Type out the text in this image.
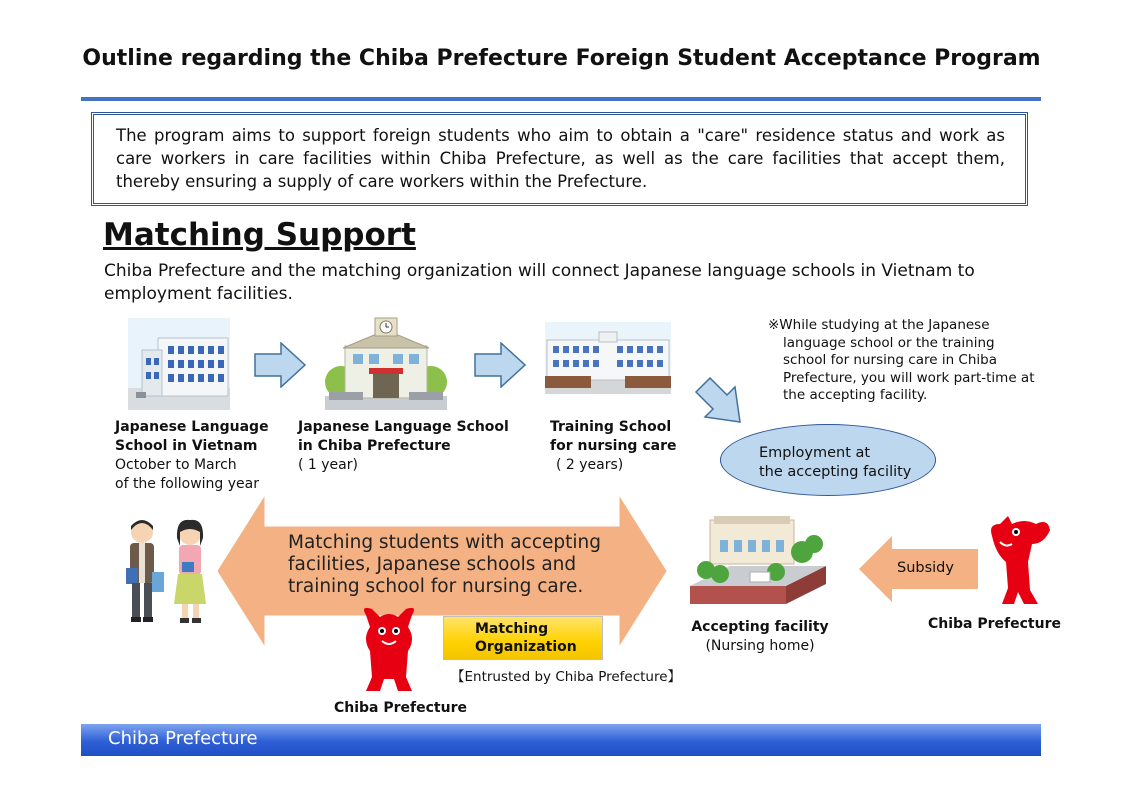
Outline regarding the Chiba Prefecture Foreign Student Acceptance Program
The program aims to support foreign students who aim to obtain a "care" residence status and work as care workers in care facilities within Chiba Prefecture, as well as the care facilities that accept them, thereby ensuring a supply of care workers within the Prefecture.
Matching Support
Chiba Prefecture and the matching organization will connect Japanese language schools in Vietnam to employment facilities.
Japanese Language
School in Vietnam
October to March
of the following year
Japanese Language School
in Chiba Prefecture
( 1 year)
Training School
for nursing care
( 2 years)
※While studying at the Japanese
language school or the training school for nursing care in Chiba Prefecture, you will work part-time at the accepting facility.
Employment at
the accepting facility
Matching students with accepting facilities, Japanese schools and training school for nursing care.
Matching
Organization
【Entrusted by Chiba Prefecture】
Chiba Prefecture
Accepting facility
(Nursing home)
Subsidy
Chiba Prefecture
Chiba Prefecture
